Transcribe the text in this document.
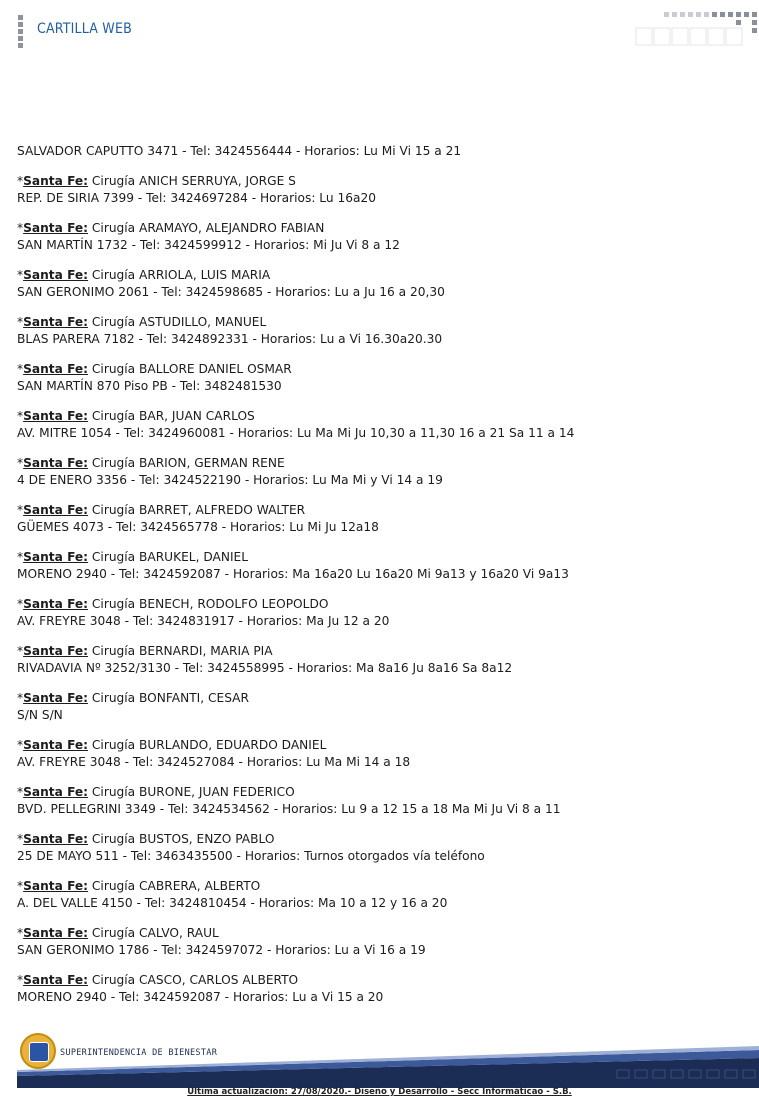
CARTILLA WEB

SALVADOR CAPUTTO 3471 - Tel: 3424556444 - Horarios: Lu Mi Vi 15 a 21

*Santa Fe: Cirugía ANICH SERRUYA, JORGE S

REP. DE SIRIA 7399 - Tel: 3424697284 - Horarios: Lu 16a20

*Santa Fe: Cirugía ARAMAYO, ALEJANDRO FABIAN

SAN MARTÍN 1732 - Tel: 3424599912 - Horarios: Mi Ju Vi 8 a 12

*Santa Fe: Cirugía ARRIOLA, LUIS MARIA

SAN GERONIMO 2061 - Tel: 3424598685 - Horarios: Lu a Ju 16 a 20,30

*Santa Fe: Cirugía ASTUDILLO, MANUEL

BLAS PARERA 7182 - Tel: 3424892331 - Horarios: Lu a Vi 16.30a20.30

*Santa Fe: Cirugía BALLORE DANIEL OSMAR

SAN MARTÍN 870 Piso PB - Tel: 3482481530

*Santa Fe: Cirugía BAR, JUAN CARLOS

AV. MITRE 1054 - Tel: 3424960081 - Horarios: Lu Ma Mi Ju 10,30 a 11,30 16 a 21 Sa 11 a 14

*Santa Fe: Cirugía BARION, GERMAN RENE

4 DE ENERO 3356 - Tel: 3424522190 - Horarios: Lu Ma Mi y Vi 14 a 19

*Santa Fe: Cirugía BARRET, ALFREDO WALTER

GÜEMES 4073 - Tel: 3424565778 - Horarios: Lu Mi Ju 12a18

*Santa Fe: Cirugía BARUKEL, DANIEL

MORENO 2940 - Tel: 3424592087 - Horarios: Ma 16a20 Lu 16a20 Mi 9a13 y 16a20 Vi 9a13

*Santa Fe: Cirugía BENECH, RODOLFO LEOPOLDO

AV. FREYRE 3048 - Tel: 3424831917 - Horarios: Ma Ju 12 a 20

*Santa Fe: Cirugía BERNARDI, MARIA PIA

RIVADAVIA Nº 3252/3130 - Tel: 3424558995 - Horarios: Ma 8a16 Ju 8a16 Sa 8a12

*Santa Fe: Cirugía BONFANTI, CESAR

S/N S/N

*Santa Fe: Cirugía BURLANDO, EDUARDO DANIEL

AV. FREYRE 3048 - Tel: 3424527084 - Horarios: Lu Ma Mi 14 a 18

*Santa Fe: Cirugía BURONE, JUAN FEDERICO

BVD. PELLEGRINI 3349 - Tel: 3424534562 - Horarios: Lu 9 a 12 15 a 18 Ma Mi Ju Vi 8 a 11

*Santa Fe: Cirugía BUSTOS, ENZO PABLO

25 DE MAYO 511 - Tel: 3463435500 - Horarios: Turnos otorgados vía teléfono

*Santa Fe: Cirugía CABRERA, ALBERTO

A. DEL VALLE 4150 - Tel: 3424810454 - Horarios: Ma 10 a 12 y 16 a 20

*Santa Fe: Cirugía CALVO, RAUL

SAN GERONIMO 1786 - Tel: 3424597072 - Horarios: Lu a Vi 16 a 19

*Santa Fe: Cirugía CASCO, CARLOS ALBERTO

MORENO 2940 - Tel: 3424592087 - Horarios: Lu a Vi 15 a 20

SUPERINTENDENCIA DE BIENESTAR
Última actualización: 27/08/2020.- Diseño y Desarrollo - Secc Informáticao - S.B.
